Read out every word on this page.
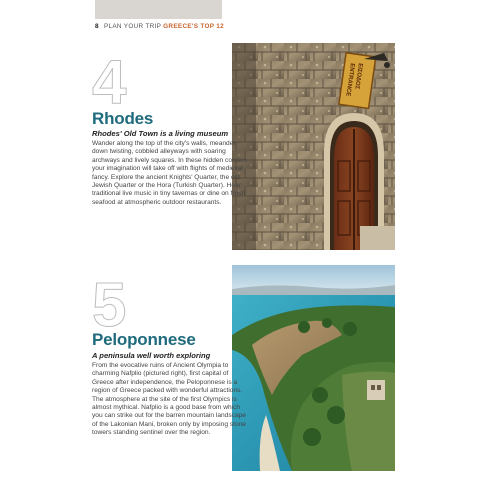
8 PLAN YOUR TRIP GREECE'S TOP 12
ΕΙΣΟΔΟΣ
ENTRANCE
4
Rhodes
Rhodes' Old Town is a living museum
Wander along the top of the city's walls, meander down twisting, cobbled alleyways with soaring archways and lively squares. In these hidden corners your imagination will take off with flights of medieval fancy. Explore the ancient Knights' Quarter, the old Jewish Quarter or the Hora (Turkish Quarter). Hear traditional live music in tiny tavernas or dine on fresh seafood at atmospheric outdoor restaurants.
5
Peloponnese
A peninsula well worth exploring
From the evocative ruins of Ancient Olympia to charming Nafplio (pictured right), first capital of Greece after independence, the Peloponnese is a region of Greece packed with wonderful attractions. The atmosphere at the site of the first Olympics is almost mythical. Nafplio is a good base from which you can strike out for the barren mountain landscape of the Lakonian Mani, broken only by imposing stone towers standing sentinel over the region.
